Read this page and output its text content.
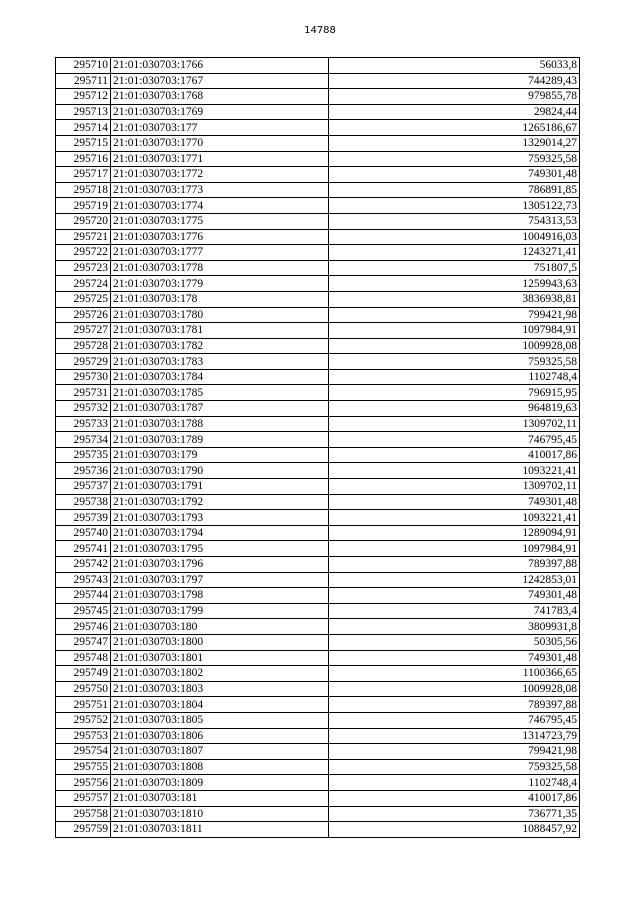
14788
295710	21:01:030703:1766	56033,8
295711	21:01:030703:1767	744289,43
295712	21:01:030703:1768	979855,78
295713	21:01:030703:1769	29824,44
295714	21:01:030703:177	1265186,67
295715	21:01:030703:1770	1329014,27
295716	21:01:030703:1771	759325,58
295717	21:01:030703:1772	749301,48
295718	21:01:030703:1773	786891,85
295719	21:01:030703:1774	1305122,73
295720	21:01:030703:1775	754313,53
295721	21:01:030703:1776	1004916,03
295722	21:01:030703:1777	1243271,41
295723	21:01:030703:1778	751807,5
295724	21:01:030703:1779	1259943,63
295725	21:01:030703:178	3836938,81
295726	21:01:030703:1780	799421,98
295727	21:01:030703:1781	1097984,91
295728	21:01:030703:1782	1009928,08
295729	21:01:030703:1783	759325,58
295730	21:01:030703:1784	1102748,4
295731	21:01:030703:1785	796915,95
295732	21:01:030703:1787	964819,63
295733	21:01:030703:1788	1309702,11
295734	21:01:030703:1789	746795,45
295735	21:01:030703:179	410017,86
295736	21:01:030703:1790	1093221,41
295737	21:01:030703:1791	1309702,11
295738	21:01:030703:1792	749301,48
295739	21:01:030703:1793	1093221,41
295740	21:01:030703:1794	1289094,91
295741	21:01:030703:1795	1097984,91
295742	21:01:030703:1796	789397,88
295743	21:01:030703:1797	1242853,01
295744	21:01:030703:1798	749301,48
295745	21:01:030703:1799	741783,4
295746	21:01:030703:180	3809931,8
295747	21:01:030703:1800	50305,56
295748	21:01:030703:1801	749301,48
295749	21:01:030703:1802	1100366,65
295750	21:01:030703:1803	1009928,08
295751	21:01:030703:1804	789397,88
295752	21:01:030703:1805	746795,45
295753	21:01:030703:1806	1314723,79
295754	21:01:030703:1807	799421,98
295755	21:01:030703:1808	759325,58
295756	21:01:030703:1809	1102748,4
295757	21:01:030703:181	410017,86
295758	21:01:030703:1810	736771,35
295759	21:01:030703:1811	1088457,92
